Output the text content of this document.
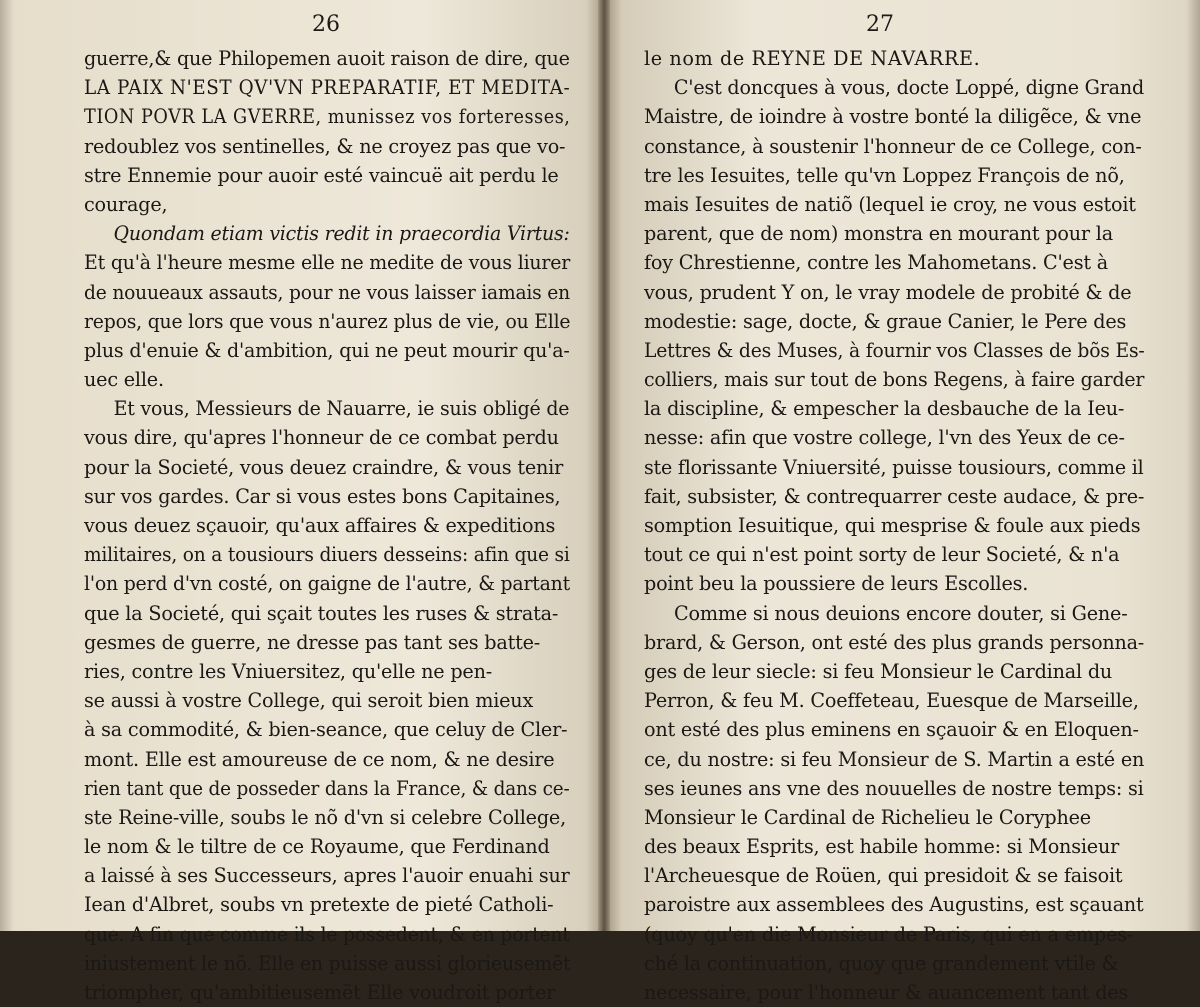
26
guerre,& que Philopemen auoit raison de dire, que
LA PAIX N'EST QV'VN PREPARATIF, ET MEDITA-
TION POVR LA GVERRE, munissez vos forteresses,
redoublez vos sentinelles, & ne croyez pas que vo-
stre Ennemie pour auoir esté vaincuë ait perdu le
courage,
Quondam etiam victis redit in praecordia Virtus:
Et qu'à l'heure mesme elle ne medite de vous liurer
de nouueaux assauts, pour ne vous laisser iamais en
repos, que lors que vous n'aurez plus de vie, ou Elle
plus d'enuie & d'ambition, qui ne peut mourir qu'a-
uec elle.
Et vous, Messieurs de Nauarre, ie suis obligé de
vous dire, qu'apres l'honneur de ce combat perdu
pour la Societé, vous deuez craindre, & vous tenir
sur vos gardes. Car si vous estes bons Capitaines,
vous deuez sçauoir, qu'aux affaires & expeditions
militaires, on a tousiours diuers desseins: afin que si
l'on perd d'vn costé, on gaigne de l'autre, & partant
que la Societé, qui sçait toutes les ruses & strata-
gesmes de guerre, ne dresse pas tant ses batte-
ries, contre les Vniuersitez, qu'elle ne pen-
se aussi à vostre College, qui seroit bien mieux
à sa commodité, & bien-seance, que celuy de Cler-
mont. Elle est amoureuse de ce nom, & ne desire
rien tant que de posseder dans la France, & dans ce-
ste Reine-ville, soubs le nõ d'vn si celebre College,
le nom & le tiltre de ce Royaume, que Ferdinand
a laissé à ses Successeurs, apres l'auoir enuahi sur
Iean d'Albret, soubs vn pretexte de pieté Catholi-
que. A fin que comme ils le possedent, & en portent
iniustement le nõ. Elle en puisse aussi glorieusemẽt
triompher, qu'ambitieusemẽt Elle voudroit porter
27
le nom de REYNE DE NAVARRE.
C'est doncques à vous, docte Loppé, digne Grand
Maistre, de ioindre à vostre bonté la diligẽce, & vne
constance, à soustenir l'honneur de ce College, con-
tre les Iesuites, telle qu'vn Loppez François de nõ,
mais Iesuites de natiõ (lequel ie croy, ne vous estoit
parent, que de nom) monstra en mourant pour la
foy Chrestienne, contre les Mahometans. C'est à
vous, prudent Y on, le vray modele de probité & de
modestie: sage, docte, & graue Canier, le Pere des
Lettres & des Muses, à fournir vos Classes de bõs Es-
colliers, mais sur tout de bons Regens, à faire garder
la discipline, & empescher la desbauche de la Ieu-
nesse: afin que vostre college, l'vn des Yeux de ce-
ste florissante Vniuersité, puisse tousiours, comme il
fait, subsister, & contrequarrer ceste audace, & pre-
somption Iesuitique, qui mesprise & foule aux pieds
tout ce qui n'est point sorty de leur Societé, & n'a
point beu la poussiere de leurs Escolles.
Comme si nous deuions encore douter, si Gene-
brard, & Gerson, ont esté des plus grands personna-
ges de leur siecle: si feu Monsieur le Cardinal du
Perron, & feu M. Coeffeteau, Euesque de Marseille,
ont esté des plus eminens en sçauoir & en Eloquen-
ce, du nostre: si feu Monsieur de S. Martin a esté en
ses ieunes ans vne des nouuelles de nostre temps: si
Monsieur le Cardinal de Richelieu le Coryphee
des beaux Esprits, est habile homme: si Monsieur
l'Archeuesque de Roüen, qui presidoit & se faisoit
paroistre aux assemblees des Augustins, est sçauant
(quoy qu'en die Monsieur de Paris, qui en a empes-
ché la continuation, quoy que grandement vtile &
necessaire, pour l'honneur & auancement tant des
